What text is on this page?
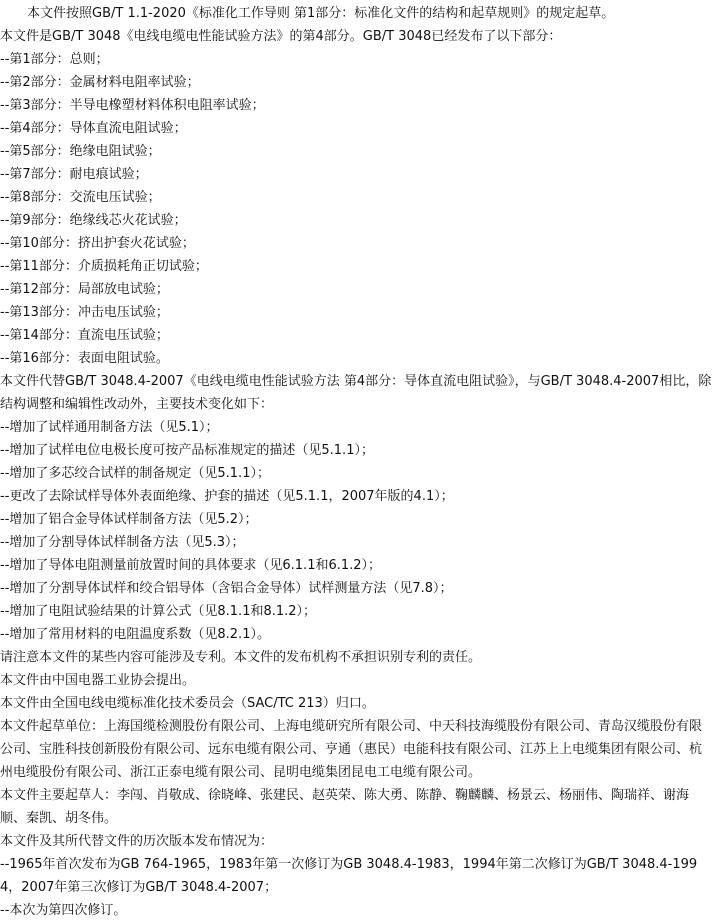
本文件按照GB/T 1.1-2020《标准化工作导则 第1部分：标准化文件的结构和起草规则》的规定起草。

本文件是GB/T 3048《电线电缆电性能试验方法》的第4部分。GB/T 3048已经发布了以下部分：

--第1部分：总则；

--第2部分：金属材料电阻率试验；

--第3部分：半导电橡塑材料体积电阻率试验；

--第4部分：导体直流电阻试验；

--第5部分：绝缘电阻试验；

--第7部分：耐电痕试验；

--第8部分：交流电压试验；

--第9部分：绝缘线芯火花试验；

--第10部分：挤出护套火花试验；

--第11部分：介质损耗角正切试验；

--第12部分：局部放电试验；

--第13部分：冲击电压试验；

--第14部分：直流电压试验；

--第16部分：表面电阻试验。

本文件代替GB/T 3048.4-2007《电线电缆电性能试验方法 第4部分：导体直流电阻试验》，与GB/T 3048.4-2007相比，除结构调整和编辑性改动外，主要技术变化如下：

--增加了试样通用制备方法（见5.1）；

--增加了试样电位电极长度可按产品标准规定的描述（见5.1.1）；

--增加了多芯绞合试样的制备规定（见5.1.1）；

--更改了去除试样导体外表面绝缘、护套的描述（见5.1.1，2007年版的4.1）；

--增加了铝合金导体试样制备方法（见5.2）；

--增加了分割导体试样制备方法（见5.3）；

--增加了导体电阻测量前放置时间的具体要求（见6.1.1和6.1.2）；

--增加了分割导体试样和绞合铝导体（含铝合金导体）试样测量方法（见7.8）；

--增加了电阻试验结果的计算公式（见8.1.1和8.1.2）；

--增加了常用材料的电阻温度系数（见8.2.1）。

请注意本文件的某些内容可能涉及专利。本文件的发布机构不承担识别专利的责任。

本文件由中国电器工业协会提出。

本文件由全国电线电缆标准化技术委员会（SAC/TC 213）归口。

本文件起草单位：上海国缆检测股份有限公司、上海电缆研究所有限公司、中天科技海缆股份有限公司、青岛汉缆股份有限公司、宝胜科技创新股份有限公司、远东电缆有限公司、亨通（惠民）电能科技有限公司、江苏上上电缆集团有限公司、杭州电缆股份有限公司、浙江正泰电缆有限公司、昆明电缆集团昆电工电缆有限公司。

本文件主要起草人：李闯、肖敬成、徐晓峰、张建民、赵英荣、陈大勇、陈静、鞠麟麟、杨景云、杨丽伟、陶瑞祥、谢海顺、秦凯、胡冬伟。

本文件及其所代替文件的历次版本发布情况为：

--1965年首次发布为GB 764-1965，1983年第一次修订为GB 3048.4-1983，1994年第二次修订为GB/T 3048.4-1994，2007年第三次修订为GB/T 3048.4-2007；

--本次为第四次修订。
